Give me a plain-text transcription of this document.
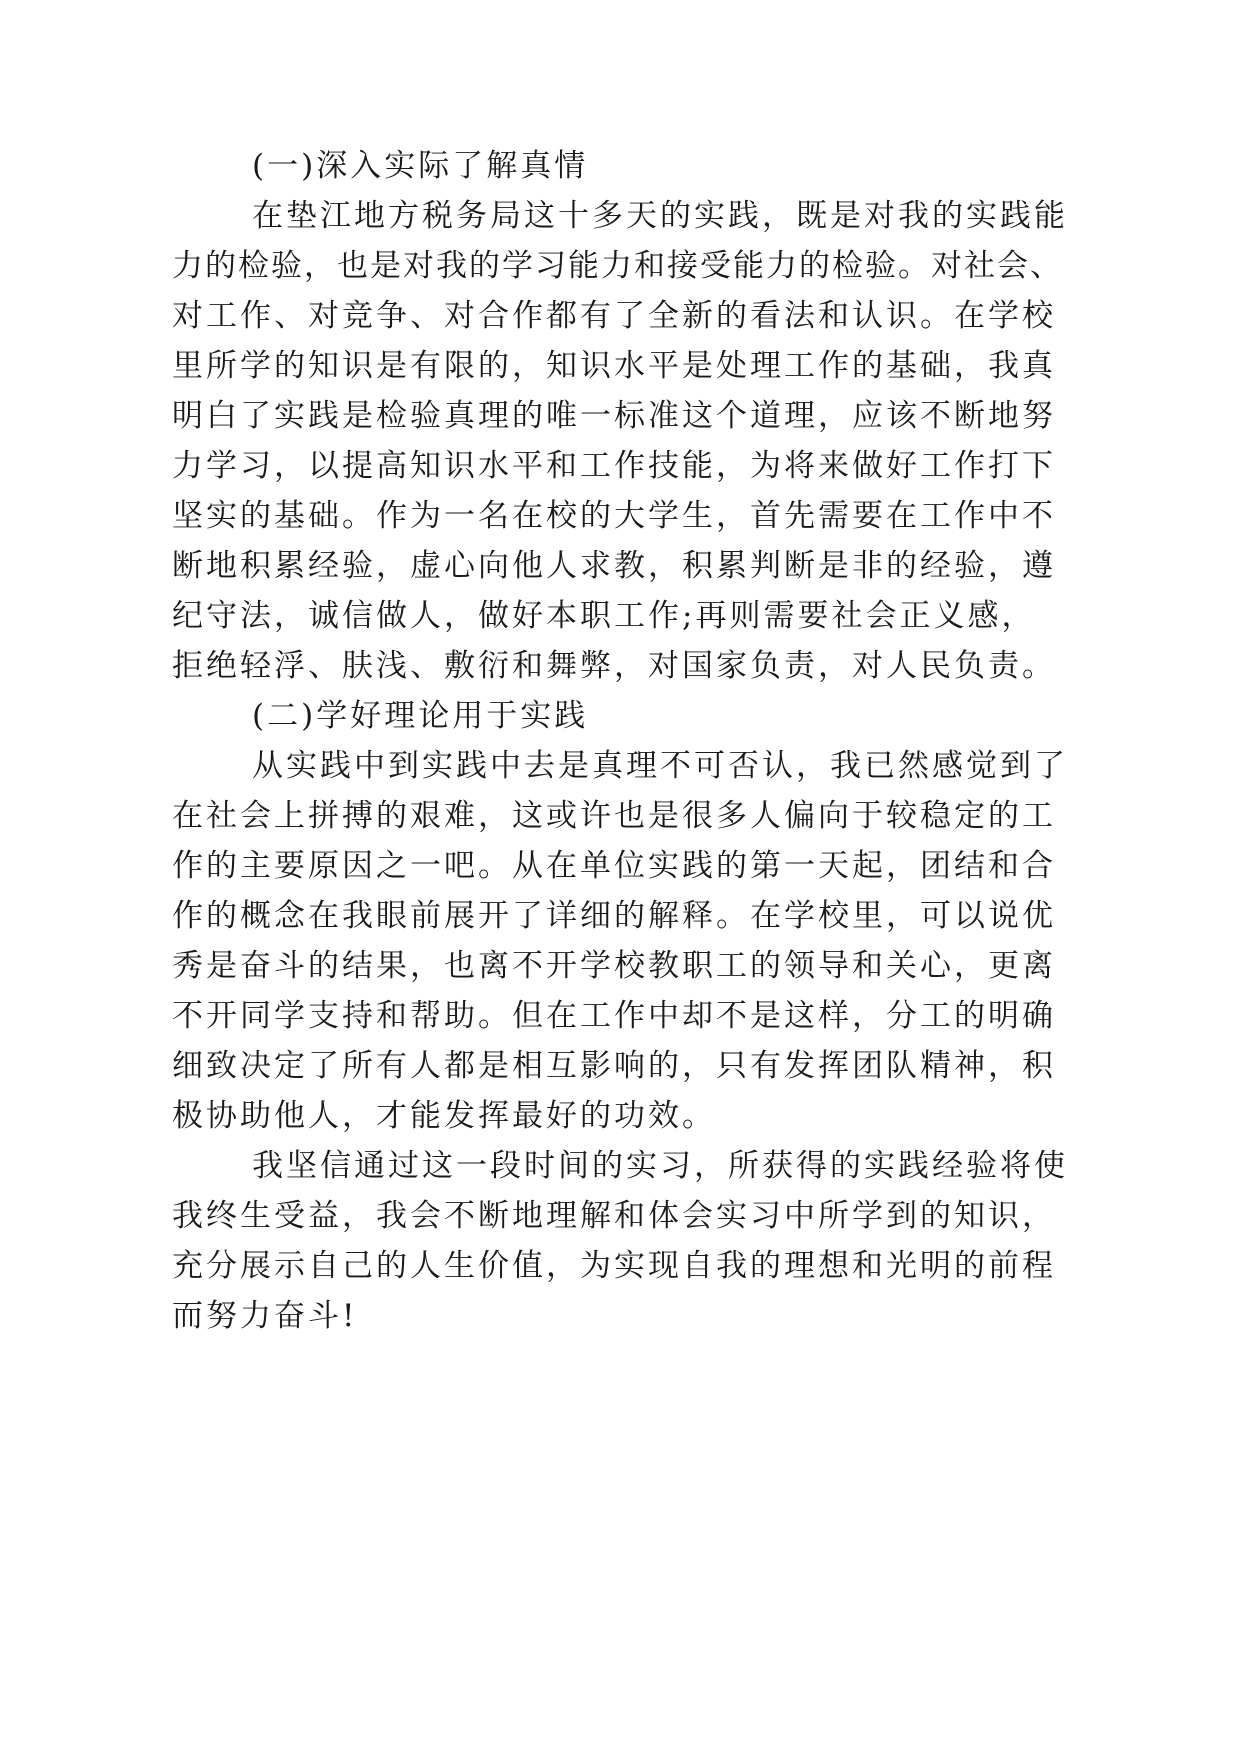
(一)深入实际了解真情

在垫江地方税务局这十多天的实践，既是对我的实践能

力的检验，也是对我的学习能力和接受能力的检验。对社会、

对工作、对竞争、对合作都有了全新的看法和认识。在学校

里所学的知识是有限的，知识水平是处理工作的基础，我真

明白了实践是检验真理的唯一标准这个道理，应该不断地努

力学习，以提高知识水平和工作技能，为将来做好工作打下

坚实的基础。作为一名在校的大学生，首先需要在工作中不

断地积累经验，虚心向他人求教，积累判断是非的经验，遵

纪守法，诚信做人，做好本职工作;再则需要社会正义感，

拒绝轻浮、肤浅、敷衍和舞弊，对国家负责，对人民负责。

(二)学好理论用于实践

从实践中到实践中去是真理不可否认，我已然感觉到了

在社会上拼搏的艰难，这或许也是很多人偏向于较稳定的工

作的主要原因之一吧。从在单位实践的第一天起，团结和合

作的概念在我眼前展开了详细的解释。在学校里，可以说优

秀是奋斗的结果，也离不开学校教职工的领导和关心，更离

不开同学支持和帮助。但在工作中却不是这样，分工的明确

细致决定了所有人都是相互影响的，只有发挥团队精神，积

极协助他人，才能发挥最好的功效。

我坚信通过这一段时间的实习，所获得的实践经验将使

我终生受益，我会不断地理解和体会实习中所学到的知识，

充分展示自己的人生价值，为实现自我的理想和光明的前程

而努力奋斗!
